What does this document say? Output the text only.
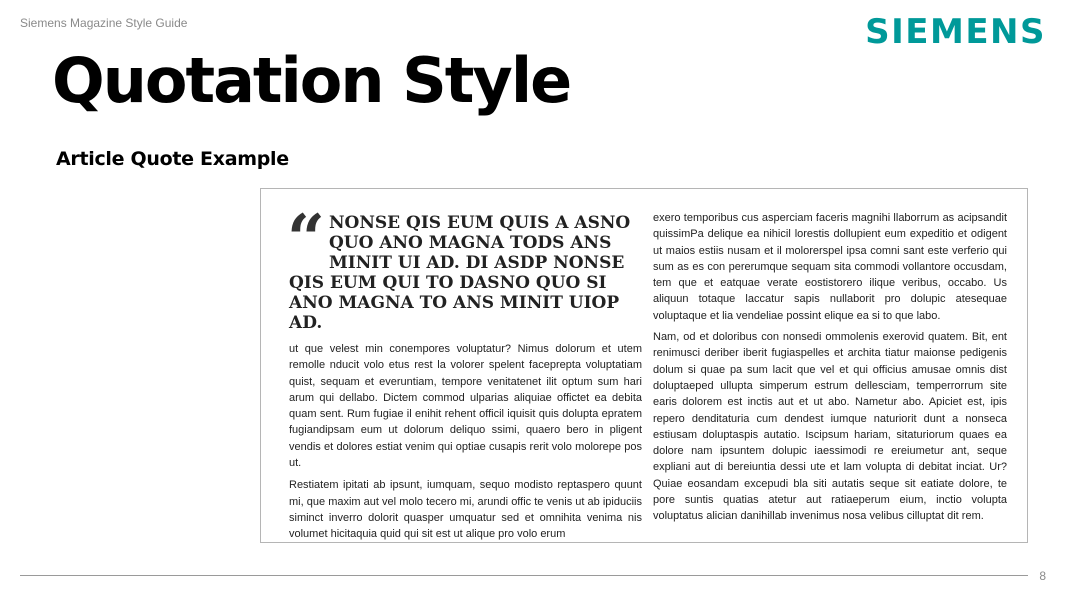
Siemens Magazine Style Guide	SIEMENS
Quotation Style
Article Quote Example
“ NONSE QIS EUM QUIS A ASNO QUO ANO MAGNA TODS ANS MINIT UI AD. DI ASDP NONSE QIS EUM QUI TO DASNO QUO SI ANO MAGNA TO ANS MINIT UIOP AD.

ut que velest min conempores voluptatur? Nimus dolorum et utem remolle nducit volo etus rest la volorer spelent faceprepta voluptatiam quist, sequam et everuntiam, tempore venitatenet ilit optum sum hari arum qui dellabo. Dictem commod ulparias aliquiae offictet ea debita quam sent. Rum fugiae il enihit rehent officil iquisit quis dolupta epratem fugiandipsam eum ut dolorum deliquo ssimi, quaero bero in pligent vendis et dolores estiat venim qui optiae cusapis rerit volo molorepe pos ut.

Restiatem ipitati ab ipsunt, iumquam, sequo modisto reptaspero quunt mi, que maxim aut vel molo tecero mi, arundi offic te venis ut ab ipiduciis siminct inverro dolorit quasper umquatur sed et omnihita venima nis volumet hicitaquia quid qui sit est ut alique pro volo erum

exero temporibus cus asperciam faceris magnihi llaborrum as acipsandit quissimPa delique ea nihicil lorestis dollupient eum expeditio et odigent ut maios estiis nusam et il molorerspel ipsa comni sant este verferio qui sum as es con pererumque sequam sita commodi vollantore occusdam, tem que et eatquae verate eostistorero ilique veribus, occabo. Us aliquun totaque laccatur sapis nullaborit pro dolupic atesequae voluptaque et lia vendeliae possint elique ea si to que labo.

Nam, od et doloribus con nonsedi ommolenis exerovid quatem. Bit, ent renimusci deriber iberit fugiaspelles et archita tiatur maionse pedigenis dolum si quae pa sum lacit que vel et qui officius amusae omnis dist doluptaeped ullupta simperum estrum dellesciam, temperrorrum site earis dolorem est inctis aut et ut abo. Nametur abo. Apiciet est, ipis repero denditaturia cum dendest iumque naturiorit dunt a nonseca estiusam doluptaspis autatio. Iscipsum hariam, sitaturiorum quaes ea dolore nam ipsuntem dolupic iaessimodi re ereiumetur ant, seque expliani aut di bereiuntia dessi ute et lam volupta di debitat inciat. Ur? Quiae eosandam excepudi bla siti autatis seque sit eatiate dolore, te pore suntis quatias atetur aut ratiaeperum eium, inctio volupta voluptatus alician danihillab invenimus nosa velibus cilluptat dit rem.

8
